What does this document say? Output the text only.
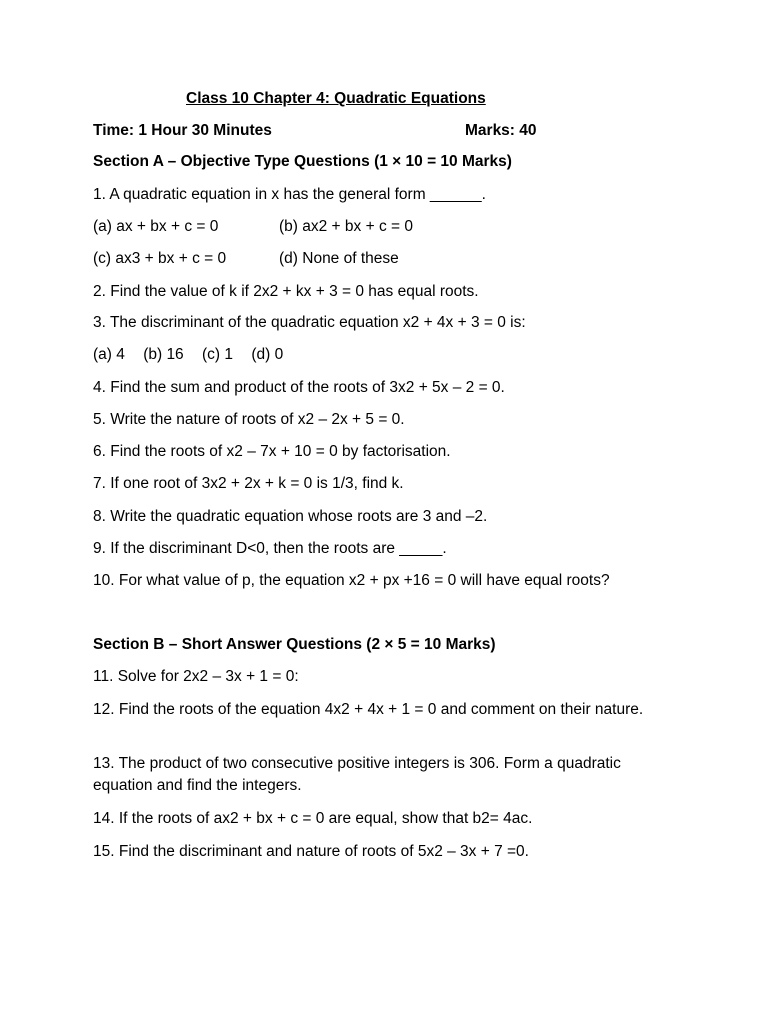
Class 10 Chapter 4: Quadratic Equations
Time: 1 Hour 30 Minutes	Marks: 40
Section A – Objective Type Questions (1 × 10 = 10 Marks)
1. A quadratic equation in x has the general form ______.
(a) ax + bx + c = 0	(b) ax2 + bx + c = 0
(c) ax3 + bx + c = 0	(d) None of these
2. Find the value of k if 2x2 + kx + 3 = 0 has equal roots.
3. The discriminant of the quadratic equation x2 + 4x + 3 = 0 is:
(a) 4 (b) 16 (c) 1 (d) 0
4. Find the sum and product of the roots of 3x2 + 5x – 2 = 0.
5. Write the nature of roots of x2 – 2x + 5 = 0.
6. Find the roots of x2 – 7x + 10 = 0 by factorisation.
7. If one root of 3x2 + 2x + k = 0 is 1/3, find k.
8. Write the quadratic equation whose roots are 3 and –2.
9. If the discriminant D<0, then the roots are _____.
10. For what value of p, the equation x2 + px +16 = 0 will have equal roots?
Section B – Short Answer Questions (2 × 5 = 10 Marks)
11. Solve for 2x2 – 3x + 1 = 0:
12. Find the roots of the equation 4x2 + 4x + 1 = 0 and comment on their nature.
13. The product of two consecutive positive integers is 306. Form a quadratic equation and find the integers.
14. If the roots of ax2 + bx + c = 0 are equal, show that b2= 4ac.
15. Find the discriminant and nature of roots of 5x2 – 3x + 7 =0.
